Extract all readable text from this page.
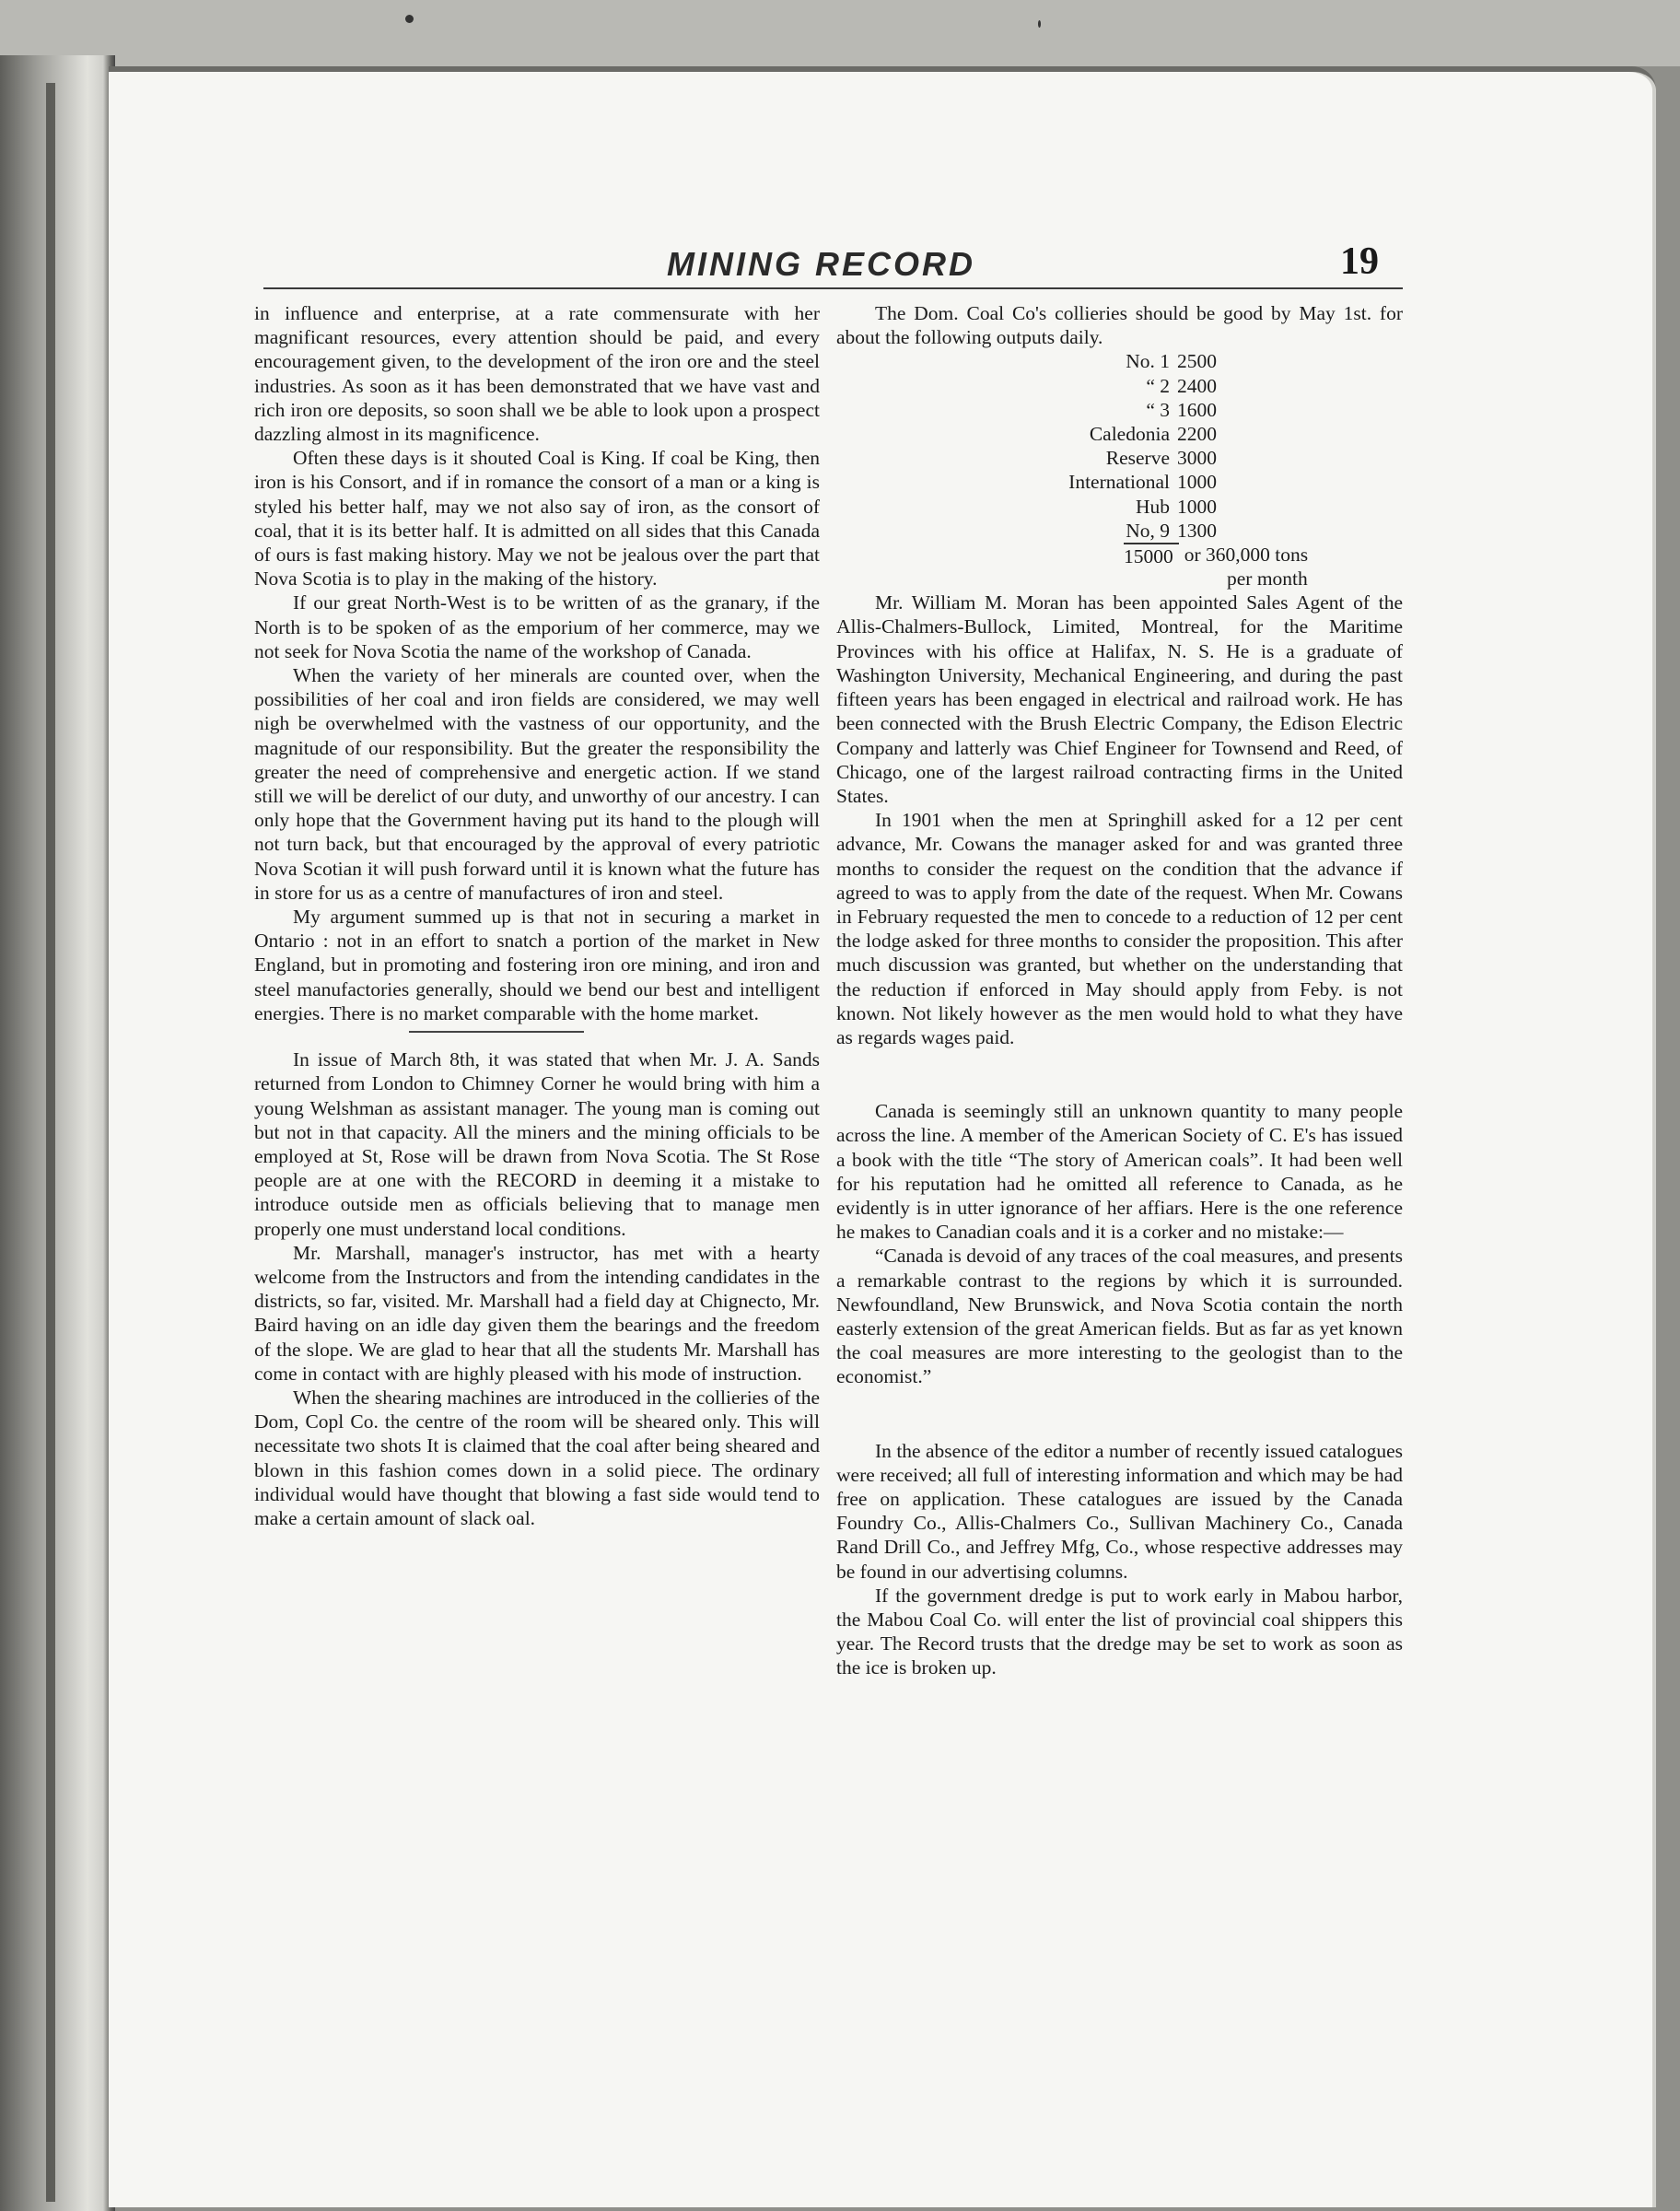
MINING RECORD	19

in influence and enterprise, at a rate commensurate with her magnificant resources, every attention should be paid, and every encouragement given, to the development of the iron ore and the steel industries. As soon as it has been demonstrated that we have vast and rich iron ore deposits, so soon shall we be able to look upon a prospect dazzling almost in its magnificence.

Often these days is it shouted Coal is King. If coal be King, then iron is his Consort, and if in romance the consort of a man or a king is styled his better half, may we not also say of iron, as the consort of coal, that it is its better half. It is admitted on all sides that this Canada of ours is fast making history. May we not be jealous over the part that Nova Scotia is to play in the making of the history.

If our great North-West is to be written of as the granary, if the North is to be spoken of as the emporium of her commerce, may we not seek for Nova Scotia the name of the workshop of Canada.

When the variety of her minerals are counted over, when the possibilities of her coal and iron fields are considered, we may well nigh be overwhelmed with the vastness of our opportunity, and the magnitude of our responsibility. But the greater the responsibility the greater the need of comprehensive and energetic action. If we stand still we will be derelict of our duty, and unworthy of our ancestry. I can only hope that the Government having put its hand to the plough will not turn back, but that encouraged by the approval of every patriotic Nova Scotian it will push forward until it is known what the future has in store for us as a centre of manufactures of iron and steel.

My argument summed up is that not in securing a market in Ontario : not in an effort to snatch a portion of the market in New England, but in promoting and fostering iron ore mining, and iron and steel manufactories generally, should we bend our best and intelligent energies. There is no market comparable with the home market.

In issue of March 8th, it was stated that when Mr. J. A. Sands returned from London to Chimney Corner he would bring with him a young Welshman as assistant manager. The young man is coming out but not in that capacity. All the miners and the mining officials to be employed at St, Rose will be drawn from Nova Scotia. The St Rose people are at one with the RECORD in deeming it a mistake to introduce outside men as officials believing that to manage men properly one must understand local conditions.

Mr. Marshall, manager's instructor, has met with a hearty welcome from the Instructors and from the intending candidates in the districts, so far, visited. Mr. Marshall had a field day at Chignecto, Mr. Baird having on an idle day given them the bearings and the freedom of the slope. We are glad to hear that all the students Mr. Marshall has come in contact with are highly pleased with his mode of instruction.

When the shearing machines are introduced in the collieries of the Dom, Copl Co. the centre of the room will be sheared only. This will necessitate two shots It is claimed that the coal after being sheared and blown in this fashion comes down in a solid piece. The ordinary individual would have thought that blowing a fast side would tend to make a certain amount of slack oal.

The Dom. Coal Co's collieries should be good by May 1st. for about the following outputs daily.

No. 1 2500
“ 2 2400
“ 3 1600
Caledonia 2200
Reserve 3000
International 1000
Hub 1000
No, 9 1300
15000 or 360,000 tons
per month

Mr. William M. Moran has been appointed Sales Agent of the Allis-Chalmers-Bullock, Limited, Montreal, for the Maritime Provinces with his office at Halifax, N. S. He is a graduate of Washington University, Mechanical Engineering, and during the past fifteen years has been engaged in electrical and railroad work. He has been connected with the Brush Electric Company, the Edison Electric Company and latterly was Chief Engineer for Townsend and Reed, of Chicago, one of the largest railroad contracting firms in the United States.

In 1901 when the men at Springhill asked for a 12 per cent advance, Mr. Cowans the manager asked for and was granted three months to consider the request on the condition that the advance if agreed to was to apply from the date of the request. When Mr. Cowans in February requested the men to concede to a reduction of 12 per cent the lodge asked for three months to consider the proposition. This after much discussion was granted, but whether on the understanding that the reduction if enforced in May should apply from Feby. is not known. Not likely however as the men would hold to what they have as regards wages paid.

Canada is seemingly still an unknown quantity to many people across the line. A member of the American Society of C. E's has issued a book with the title “The story of American coals”. It had been well for his reputation had he omitted all reference to Canada, as he evidently is in utter ignorance of her affiars. Here is the one reference he makes to Canadian coals and it is a corker and no mistake:—

“Canada is devoid of any traces of the coal measures, and presents a remarkable contrast to the regions by which it is surrounded. Newfoundland, New Brunswick, and Nova Scotia contain the north easterly extension of the great American fields. But as far as yet known the coal measures are more interesting to the geologist than to the economist.”

In the absence of the editor a number of recently issued catalogues were received; all full of interesting information and which may be had free on application. These catalogues are issued by the Canada Foundry Co., Allis-Chalmers Co., Sullivan Machinery Co., Canada Rand Drill Co., and Jeffrey Mfg, Co., whose respective addresses may be found in our advertising columns.

If the government dredge is put to work early in Mabou harbor, the Mabou Coal Co. will enter the list of provincial coal shippers this year. The Record trusts that the dredge may be set to work as soon as the ice is broken up.
